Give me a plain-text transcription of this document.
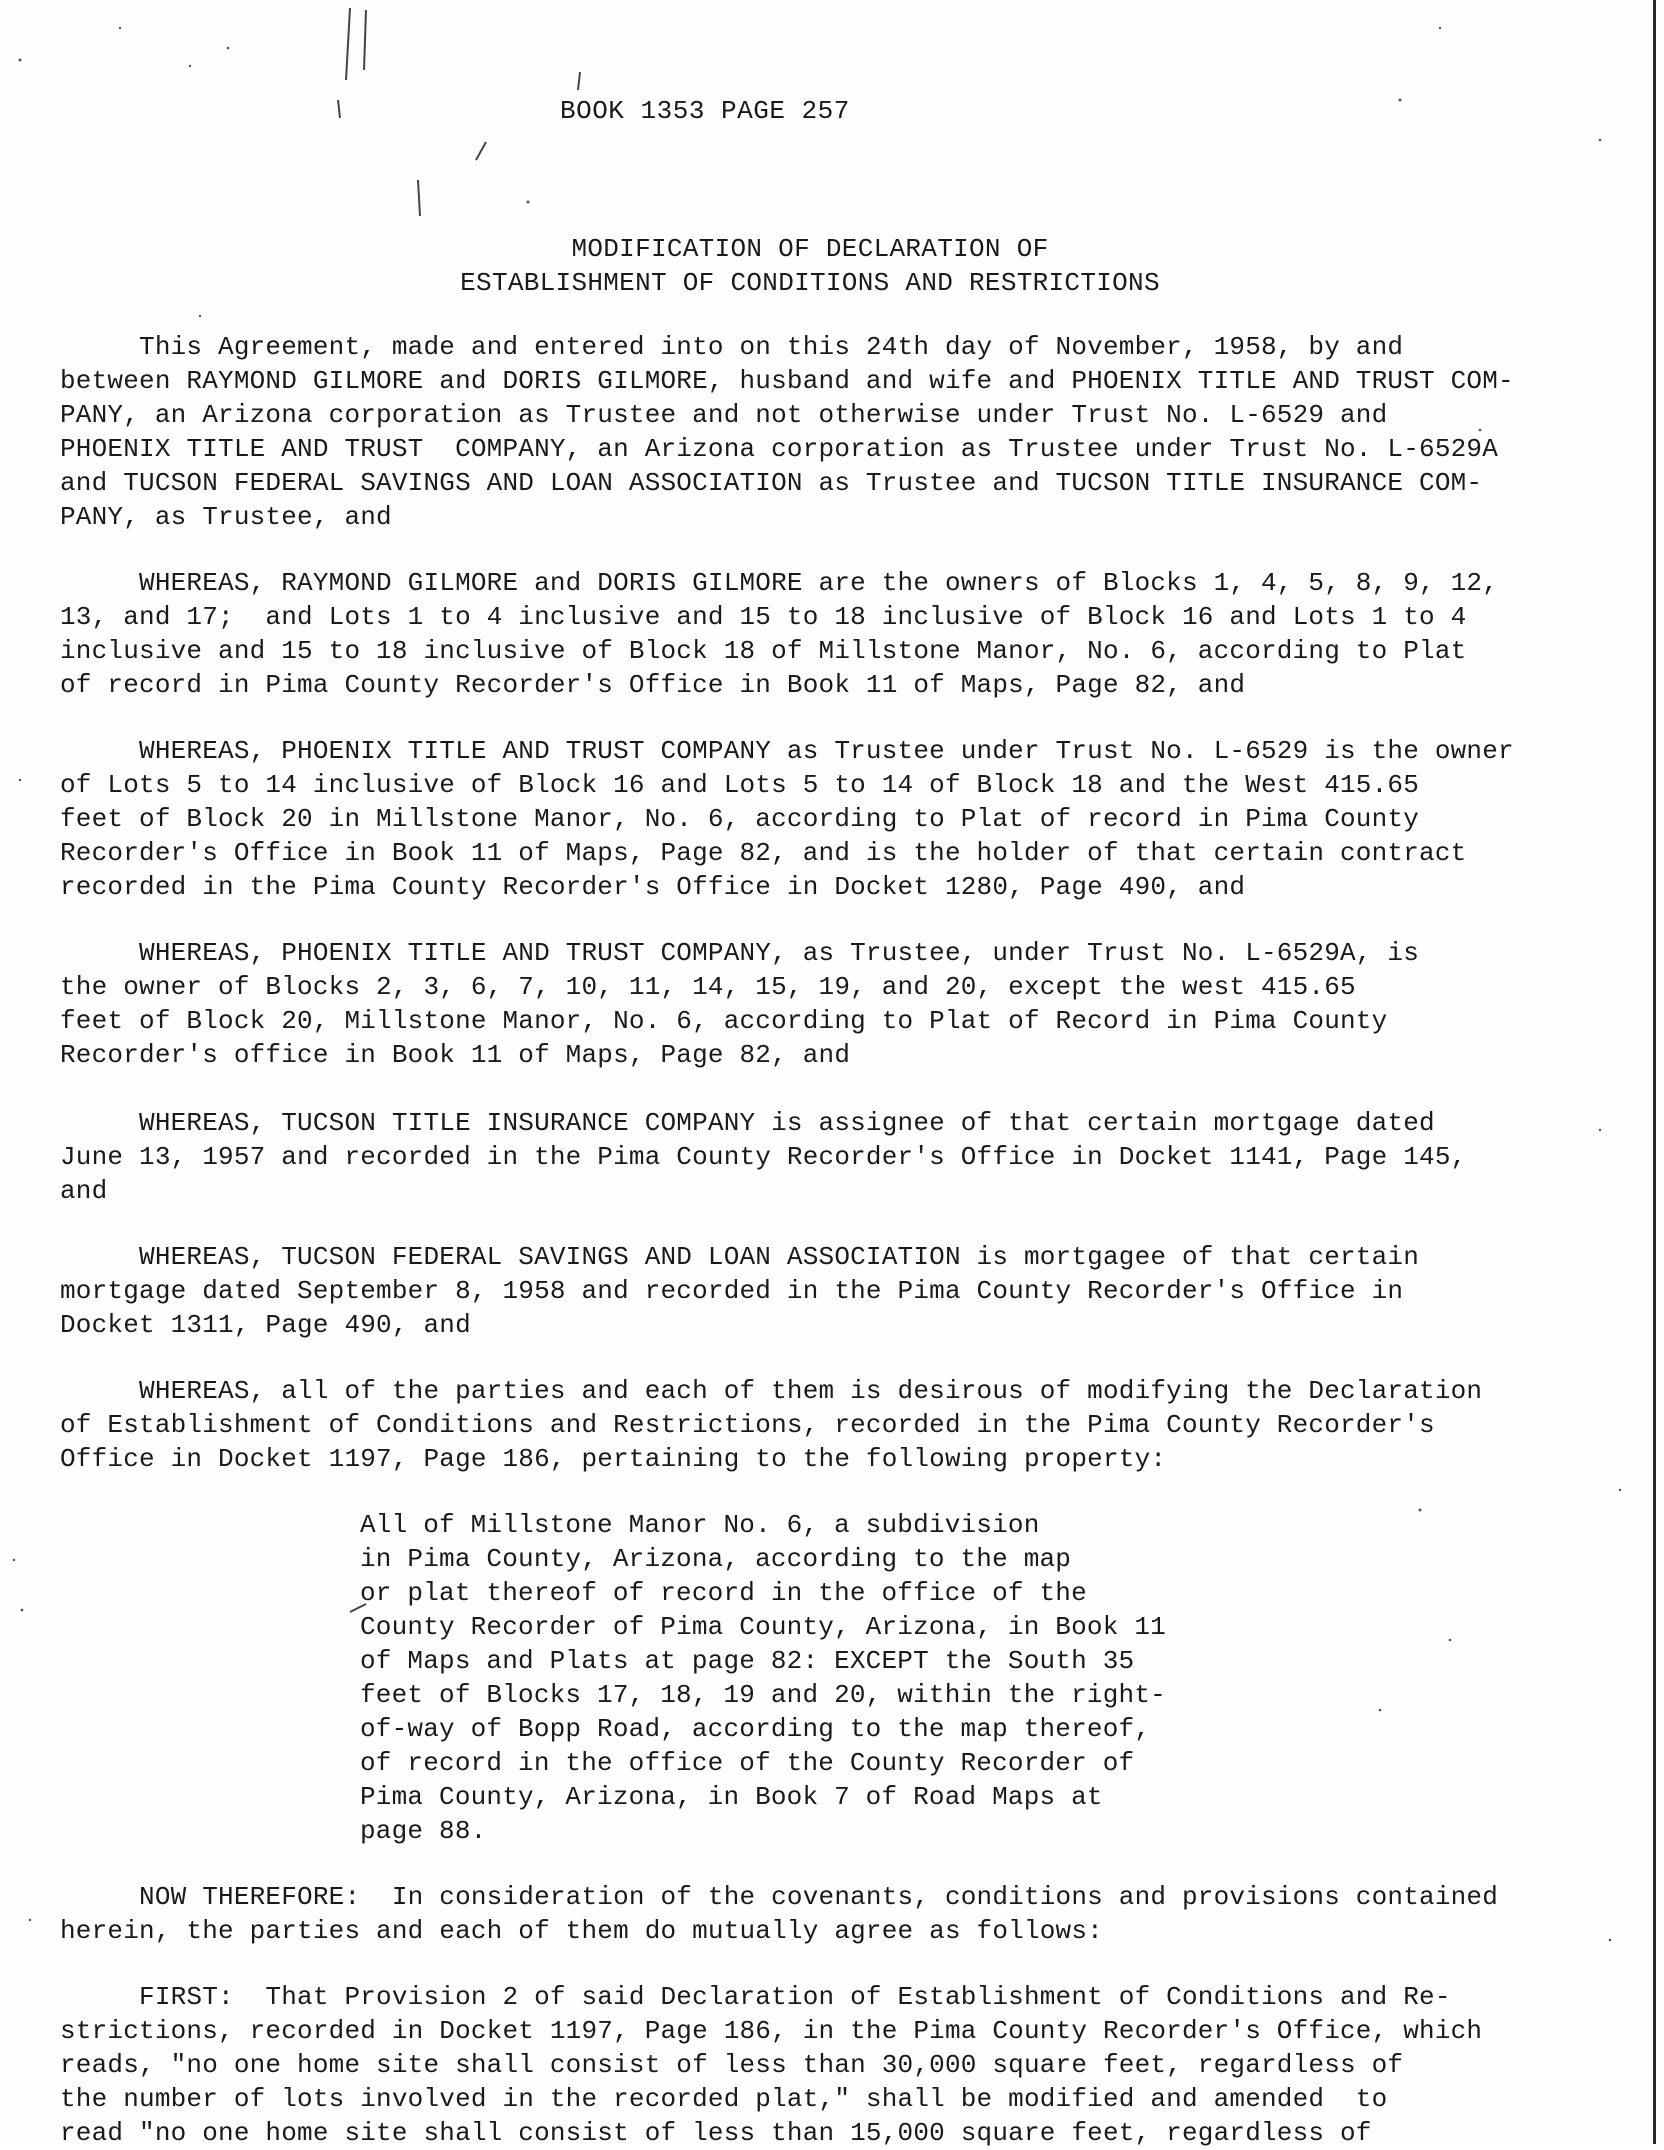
BOOK 1353 PAGE 257
MODIFICATION OF DECLARATION OF
ESTABLISHMENT OF CONDITIONS AND RESTRICTIONS
This Agreement, made and entered into on this 24th day of November, 1958, by and
between RAYMOND GILMORE and DORIS GILMORE, husband and wife and PHOENIX TITLE AND TRUST COM-
PANY, an Arizona corporation as Trustee and not otherwise under Trust No. L-6529 and
PHOENIX TITLE AND TRUST  COMPANY, an Arizona corporation as Trustee under Trust No. L-6529A
and TUCSON FEDERAL SAVINGS AND LOAN ASSOCIATION as Trustee and TUCSON TITLE INSURANCE COM-
PANY, as Trustee, and
WHEREAS, RAYMOND GILMORE and DORIS GILMORE are the owners of Blocks 1, 4, 5, 8, 9, 12,
13, and 17;  and Lots 1 to 4 inclusive and 15 to 18 inclusive of Block 16 and Lots 1 to 4
inclusive and 15 to 18 inclusive of Block 18 of Millstone Manor, No. 6, according to Plat
of record in Pima County Recorder's Office in Book 11 of Maps, Page 82, and
WHEREAS, PHOENIX TITLE AND TRUST COMPANY as Trustee under Trust No. L-6529 is the owner
of Lots 5 to 14 inclusive of Block 16 and Lots 5 to 14 of Block 18 and the West 415.65
feet of Block 20 in Millstone Manor, No. 6, according to Plat of record in Pima County
Recorder's Office in Book 11 of Maps, Page 82, and is the holder of that certain contract
recorded in the Pima County Recorder's Office in Docket 1280, Page 490, and
WHEREAS, PHOENIX TITLE AND TRUST COMPANY, as Trustee, under Trust No. L-6529A, is
the owner of Blocks 2, 3, 6, 7, 10, 11, 14, 15, 19, and 20, except the west 415.65
feet of Block 20, Millstone Manor, No. 6, according to Plat of Record in Pima County
Recorder's office in Book 11 of Maps, Page 82, and
WHEREAS, TUCSON TITLE INSURANCE COMPANY is assignee of that certain mortgage dated
June 13, 1957 and recorded in the Pima County Recorder's Office in Docket 1141, Page 145,
and
WHEREAS, TUCSON FEDERAL SAVINGS AND LOAN ASSOCIATION is mortgagee of that certain
mortgage dated September 8, 1958 and recorded in the Pima County Recorder's Office in
Docket 1311, Page 490, and
WHEREAS, all of the parties and each of them is desirous of modifying the Declaration
of Establishment of Conditions and Restrictions, recorded in the Pima County Recorder's
Office in Docket 1197, Page 186, pertaining to the following property:
All of Millstone Manor No. 6, a subdivision
in Pima County, Arizona, according to the map
or plat thereof of record in the office of the
County Recorder of Pima County, Arizona, in Book 11
of Maps and Plats at page 82: EXCEPT the South 35
feet of Blocks 17, 18, 19 and 20, within the right-
of-way of Bopp Road, according to the map thereof,
of record in the office of the County Recorder of
Pima County, Arizona, in Book 7 of Road Maps at
page 88.
NOW THEREFORE:  In consideration of the covenants, conditions and provisions contained
herein, the parties and each of them do mutually agree as follows:
FIRST:  That Provision 2 of said Declaration of Establishment of Conditions and Re-
strictions, recorded in Docket 1197, Page 186, in the Pima County Recorder's Office, which
reads, "no one home site shall consist of less than 30,000 square feet, regardless of
the number of lots involved in the recorded plat," shall be modified and amended  to
read "no one home site shall consist of less than 15,000 square feet, regardless of
